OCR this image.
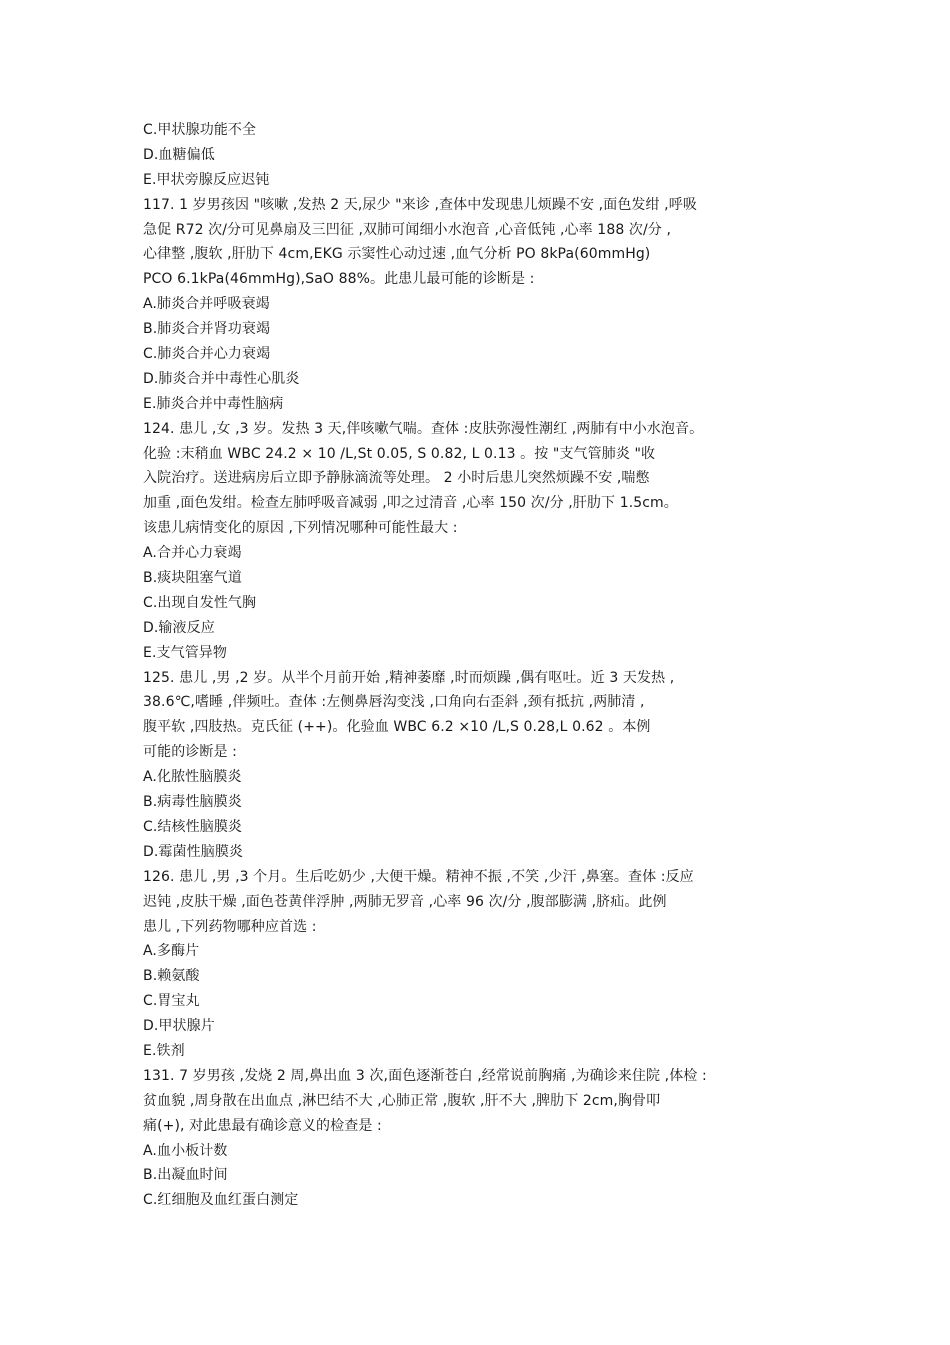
C.甲状腺功能不全
D.血糖偏低
E.甲状旁腺反应迟钝
117. 1 岁男孩因 "咳嗽 ,发热 2 天,尿少 "来诊 ,查体中发现患儿烦躁不安 ,面色发绀 ,呼吸
急促 R72 次/分可见鼻扇及三凹征 ,双肺可闻细小水泡音 ,心音低钝 ,心率 188 次/分 ,
心律整 ,腹软 ,肝肋下 4cm,EKG 示窦性心动过速 ,血气分析 PO 8kPa(60mmHg)
PCO 6.1kPa(46mmHg),SaO 88%。此患儿最可能的诊断是 :
A.肺炎合并呼吸衰竭
B.肺炎合并肾功衰竭
C.肺炎合并心力衰竭
D.肺炎合并中毒性心肌炎
E.肺炎合并中毒性脑病
124. 患儿 ,女 ,3 岁。发热 3 天,伴咳嗽气喘。查体 :皮肤弥漫性潮红 ,两肺有中小水泡音。
化验 :末稍血 WBC 24.2 × 10 /L,St 0.05, S 0.82, L 0.13 。按 "支气管肺炎 "收
入院治疗。送进病房后立即予静脉滴流等处理。 2 小时后患儿突然烦躁不安 ,喘憋
加重 ,面色发绀。检查左肺呼吸音减弱 ,叩之过清音 ,心率 150 次/分 ,肝肋下 1.5cm。
该患儿病情变化的原因 ,下列情况哪种可能性最大 :
A.合并心力衰竭
B.痰块阻塞气道
C.出现自发性气胸
D.输液反应
E.支气管异物
125. 患儿 ,男 ,2 岁。从半个月前开始 ,精神萎靡 ,时而烦躁 ,偶有呕吐。近 3 天发热 ,
38.6℃,嗜睡 ,伴频吐。查体 :左侧鼻唇沟变浅 ,口角向右歪斜 ,颈有抵抗 ,两肺清 ,
腹平软 ,四肢热。克氏征 (++)。化验血 WBC 6.2 ×10 /L,S 0.28,L 0.62 。本例
可能的诊断是 :
A.化脓性脑膜炎
B.病毒性脑膜炎
C.结核性脑膜炎
D.霉菌性脑膜炎
126. 患儿 ,男 ,3 个月。生后吃奶少 ,大便干燥。精神不振 ,不笑 ,少汗 ,鼻塞。查体 :反应
迟钝 ,皮肤干燥 ,面色苍黄伴浮肿 ,两肺无罗音 ,心率 96 次/分 ,腹部膨满 ,脐疝。此例
患儿 ,下列药物哪种应首选 :
A.多酶片
B.赖氨酸
C.胃宝丸
D.甲状腺片
E.铁剂
131. 7 岁男孩 ,发烧 2 周,鼻出血 3 次,面色逐渐苍白 ,经常说前胸痛 ,为确诊来住院 ,体检 :
贫血貌 ,周身散在出血点 ,淋巴结不大 ,心肺正常 ,腹软 ,肝不大 ,脾肋下 2cm,胸骨叩
痛(+), 对此患最有确诊意义的检查是 :
A.血小板计数
B.出凝血时间
C.红细胞及血红蛋白测定
